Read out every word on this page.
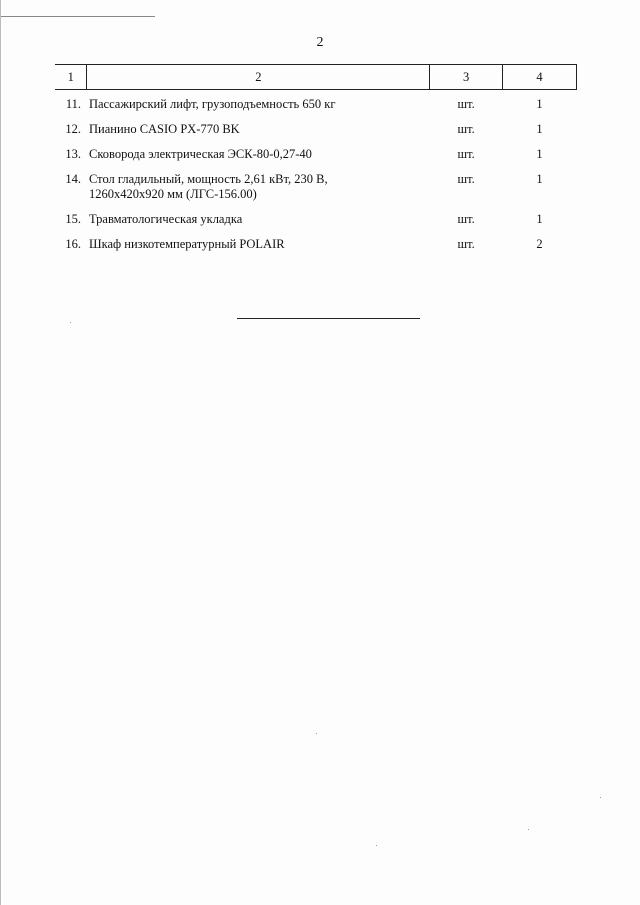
2
1	2	3	4
11.	Пассажирский лифт, грузоподъемность 650 кг	шт.	1
12.	Пианино CASIO PX-770 BK	шт.	1
13.	Сковорода электрическая ЭСК-80-0,27-40	шт.	1
14.	Стол гладильный, мощность 2,61 кВт, 230 В,
1260х420х920 мм (ЛГС-156.00)	шт.	1
15.	Травматологическая укладка	шт.	1
16.	Шкаф низкотемпературный POLAIR	шт.	2
